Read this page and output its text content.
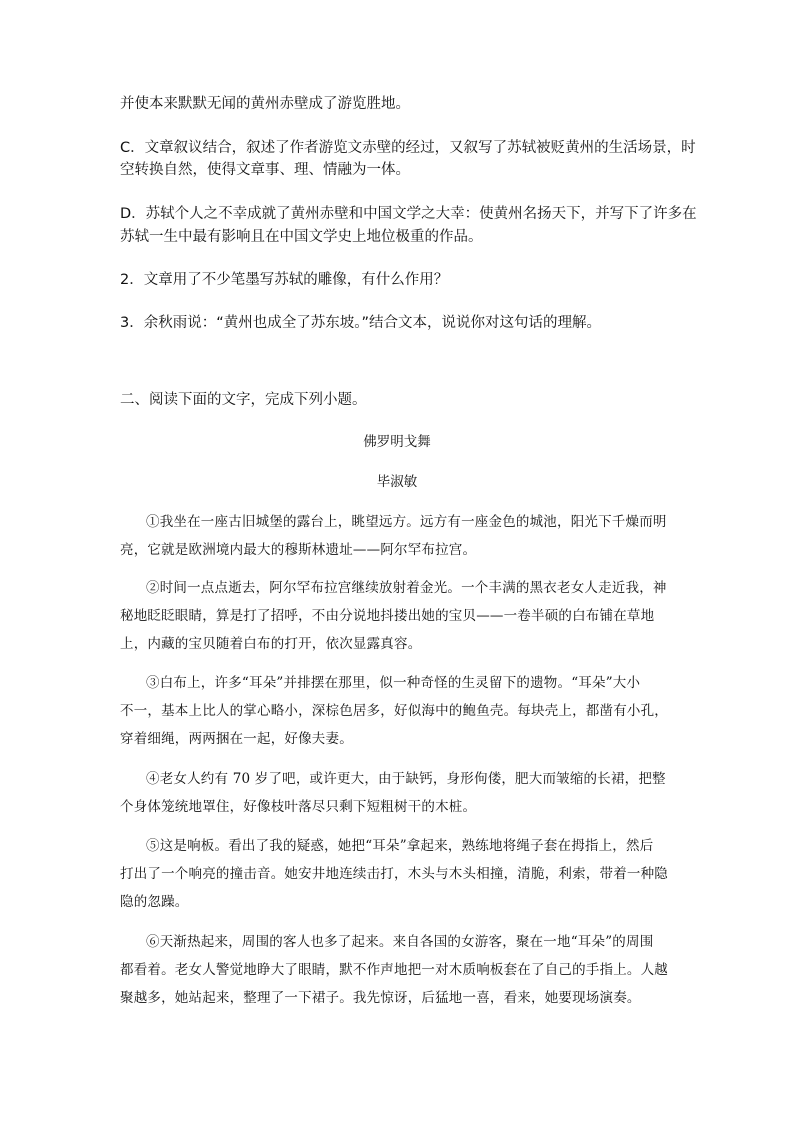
并使本来默默无闻的黄州赤壁成了游览胜地。
C．文章叙议结合，叙述了作者游览文赤壁的经过，又叙写了苏轼被贬黄州的生活场景，时
空转换自然，使得文章事、理、情融为一体。
D．苏轼个人之不幸成就了黄州赤壁和中国文学之大幸：使黄州名扬天下，并写下了许多在
苏轼一生中最有影响且在中国文学史上地位极重的作品。
2．文章用了不少笔墨写苏轼的雕像，有什么作用？
3．余秋雨说：“黄州也成全了苏东坡。”结合文本，说说你对这句话的理解。
二、阅读下面的文字，完成下列小题。
佛罗明戈舞
毕淑敏
①我坐在一座古旧城堡的露台上，眺望远方。远方有一座金色的城池，阳光下千燥而明
亮，它就是欧洲境内最大的穆斯林遗址——阿尔罕布拉宫。
②时间一点点逝去，阿尔罕布拉宫继续放射着金光。一个丰满的黑衣老女人走近我，神
秘地眨眨眼睛，算是打了招呼，不由分说地抖搂出她的宝贝——一卷半硕的白布铺在草地
上，内藏的宝贝随着白布的打开，依次显露真容。
③白布上，许多“耳朵”并排摆在那里，似一种奇怪的生灵留下的遗物。“耳朵”大小
不一，基本上比人的掌心略小，深棕色居多，好似海中的鲍鱼壳。每块壳上，都凿有小孔，
穿着细绳，两两捆在一起，好像夫妻。
④老女人约有 70 岁了吧，或许更大，由于缺钙，身形佝偻，肥大而皱缩的长裙，把整
个身体笼统地罩住，好像枝叶落尽只剩下短粗树干的木桩。
⑤这是响板。看出了我的疑惑，她把“耳朵”拿起来，熟练地将绳子套在拇指上，然后
打出了一个响亮的撞击音。她安井地连续击打，木头与木头相撞，清脆，利索，带着一种隐
隐的忽躁。
⑥天渐热起来，周围的客人也多了起来。来自各国的女游客，聚在一地“耳朵”的周围
都看着。老女人警觉地睁大了眼睛，默不作声地把一对木质响板套在了自己的手指上。人越
聚越多，她站起来，整理了一下裙子。我先惊讶，后猛地一喜，看来，她要现场演奏。
